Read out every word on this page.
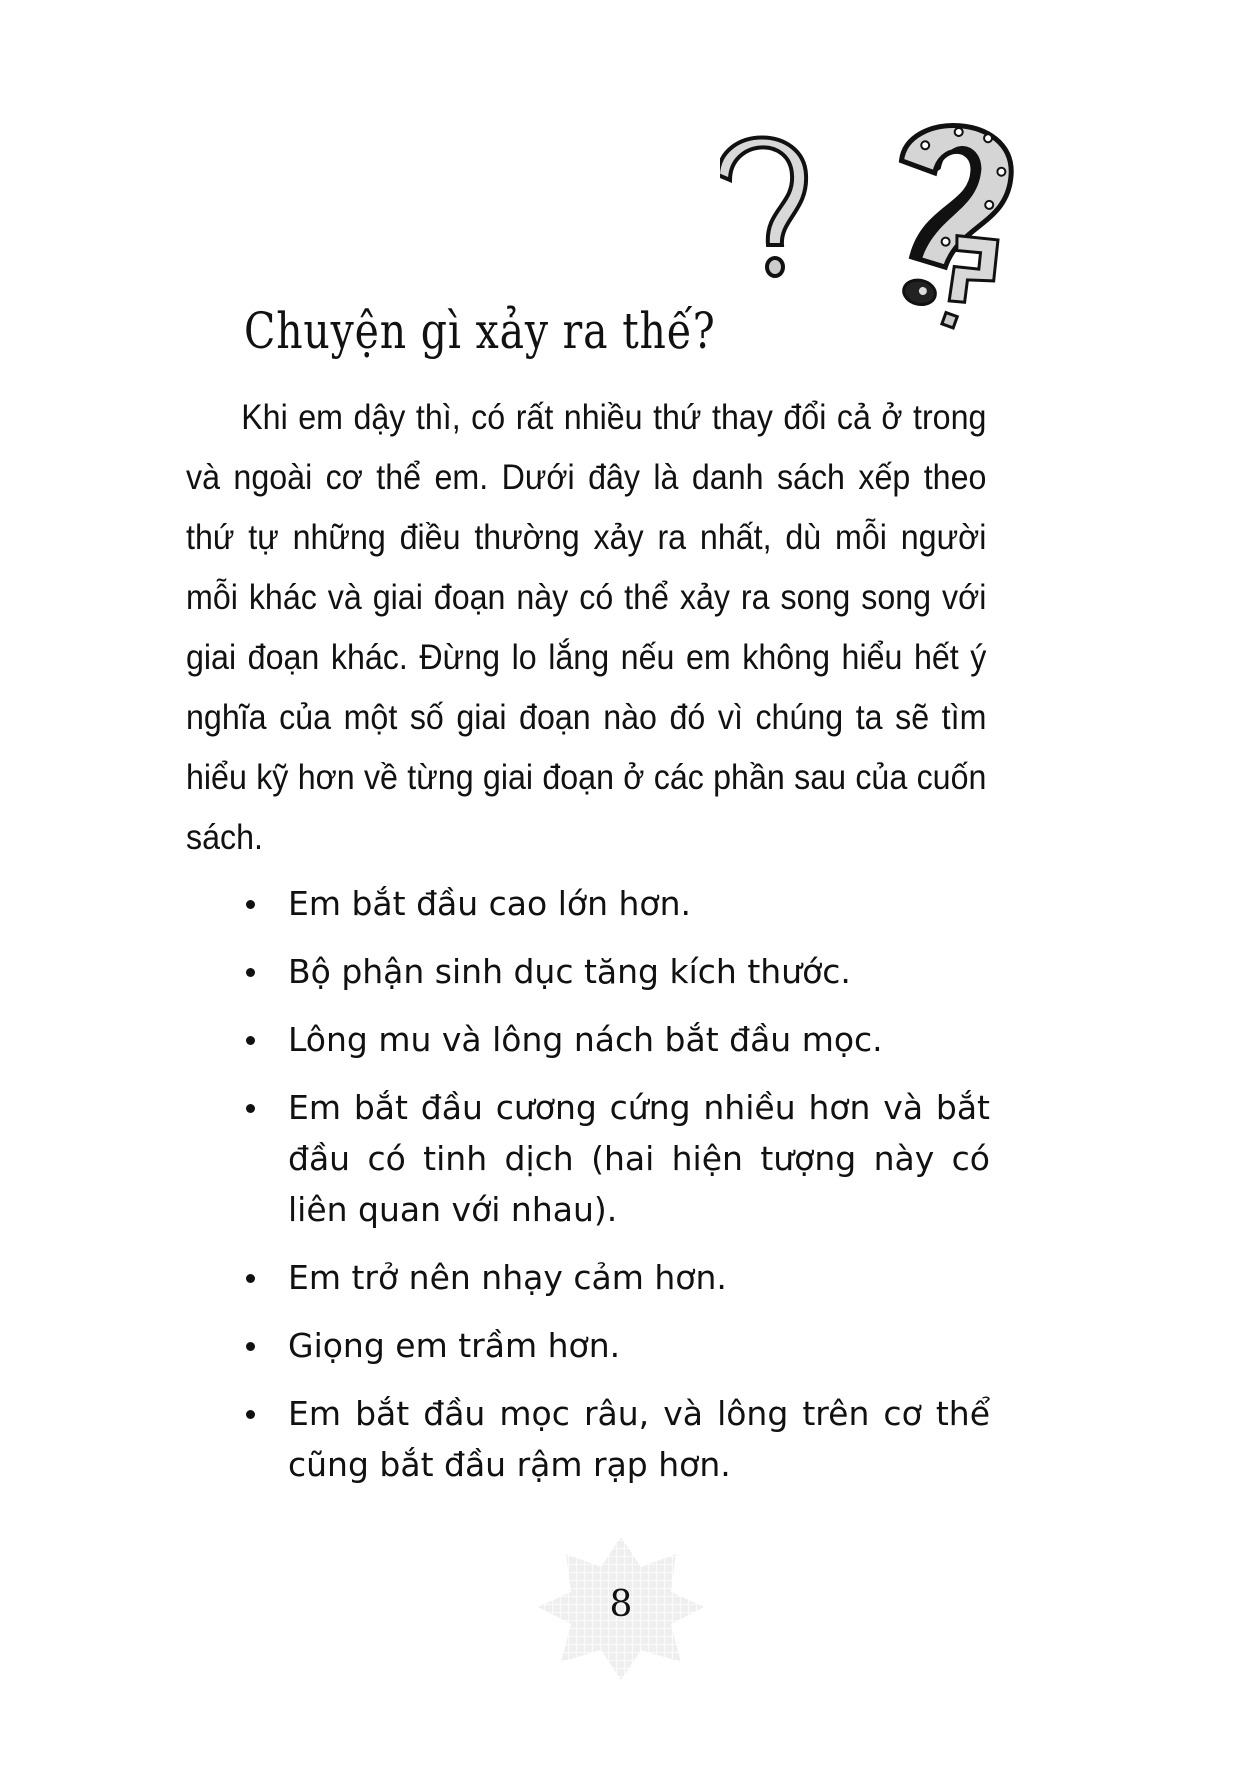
Chuyện gì xảy ra thế?

Khi em dậy thì, có rất nhiều thứ thay đổi cả ở trong và ngoài cơ thể em. Dưới đây là danh sách xếp theo thứ tự những điều thường xảy ra nhất, dù mỗi người mỗi khác và giai đoạn này có thể xảy ra song song với giai đoạn khác. Đừng lo lắng nếu em không hiểu hết ý nghĩa của một số giai đoạn nào đó vì chúng ta sẽ tìm hiểu kỹ hơn về từng giai đoạn ở các phần sau của cuốn sách.

Em bắt đầu cao lớn hơn.
Bộ phận sinh dục tăng kích thước.
Lông mu và lông nách bắt đầu mọc.
Em bắt đầu cương cứng nhiều hơn và bắt đầu có tinh dịch (hai hiện tượng này có liên quan với nhau).
Em trở nên nhạy cảm hơn.
Giọng em trầm hơn.
Em bắt đầu mọc râu, và lông trên cơ thể cũng bắt đầu rậm rạp hơn.
8
